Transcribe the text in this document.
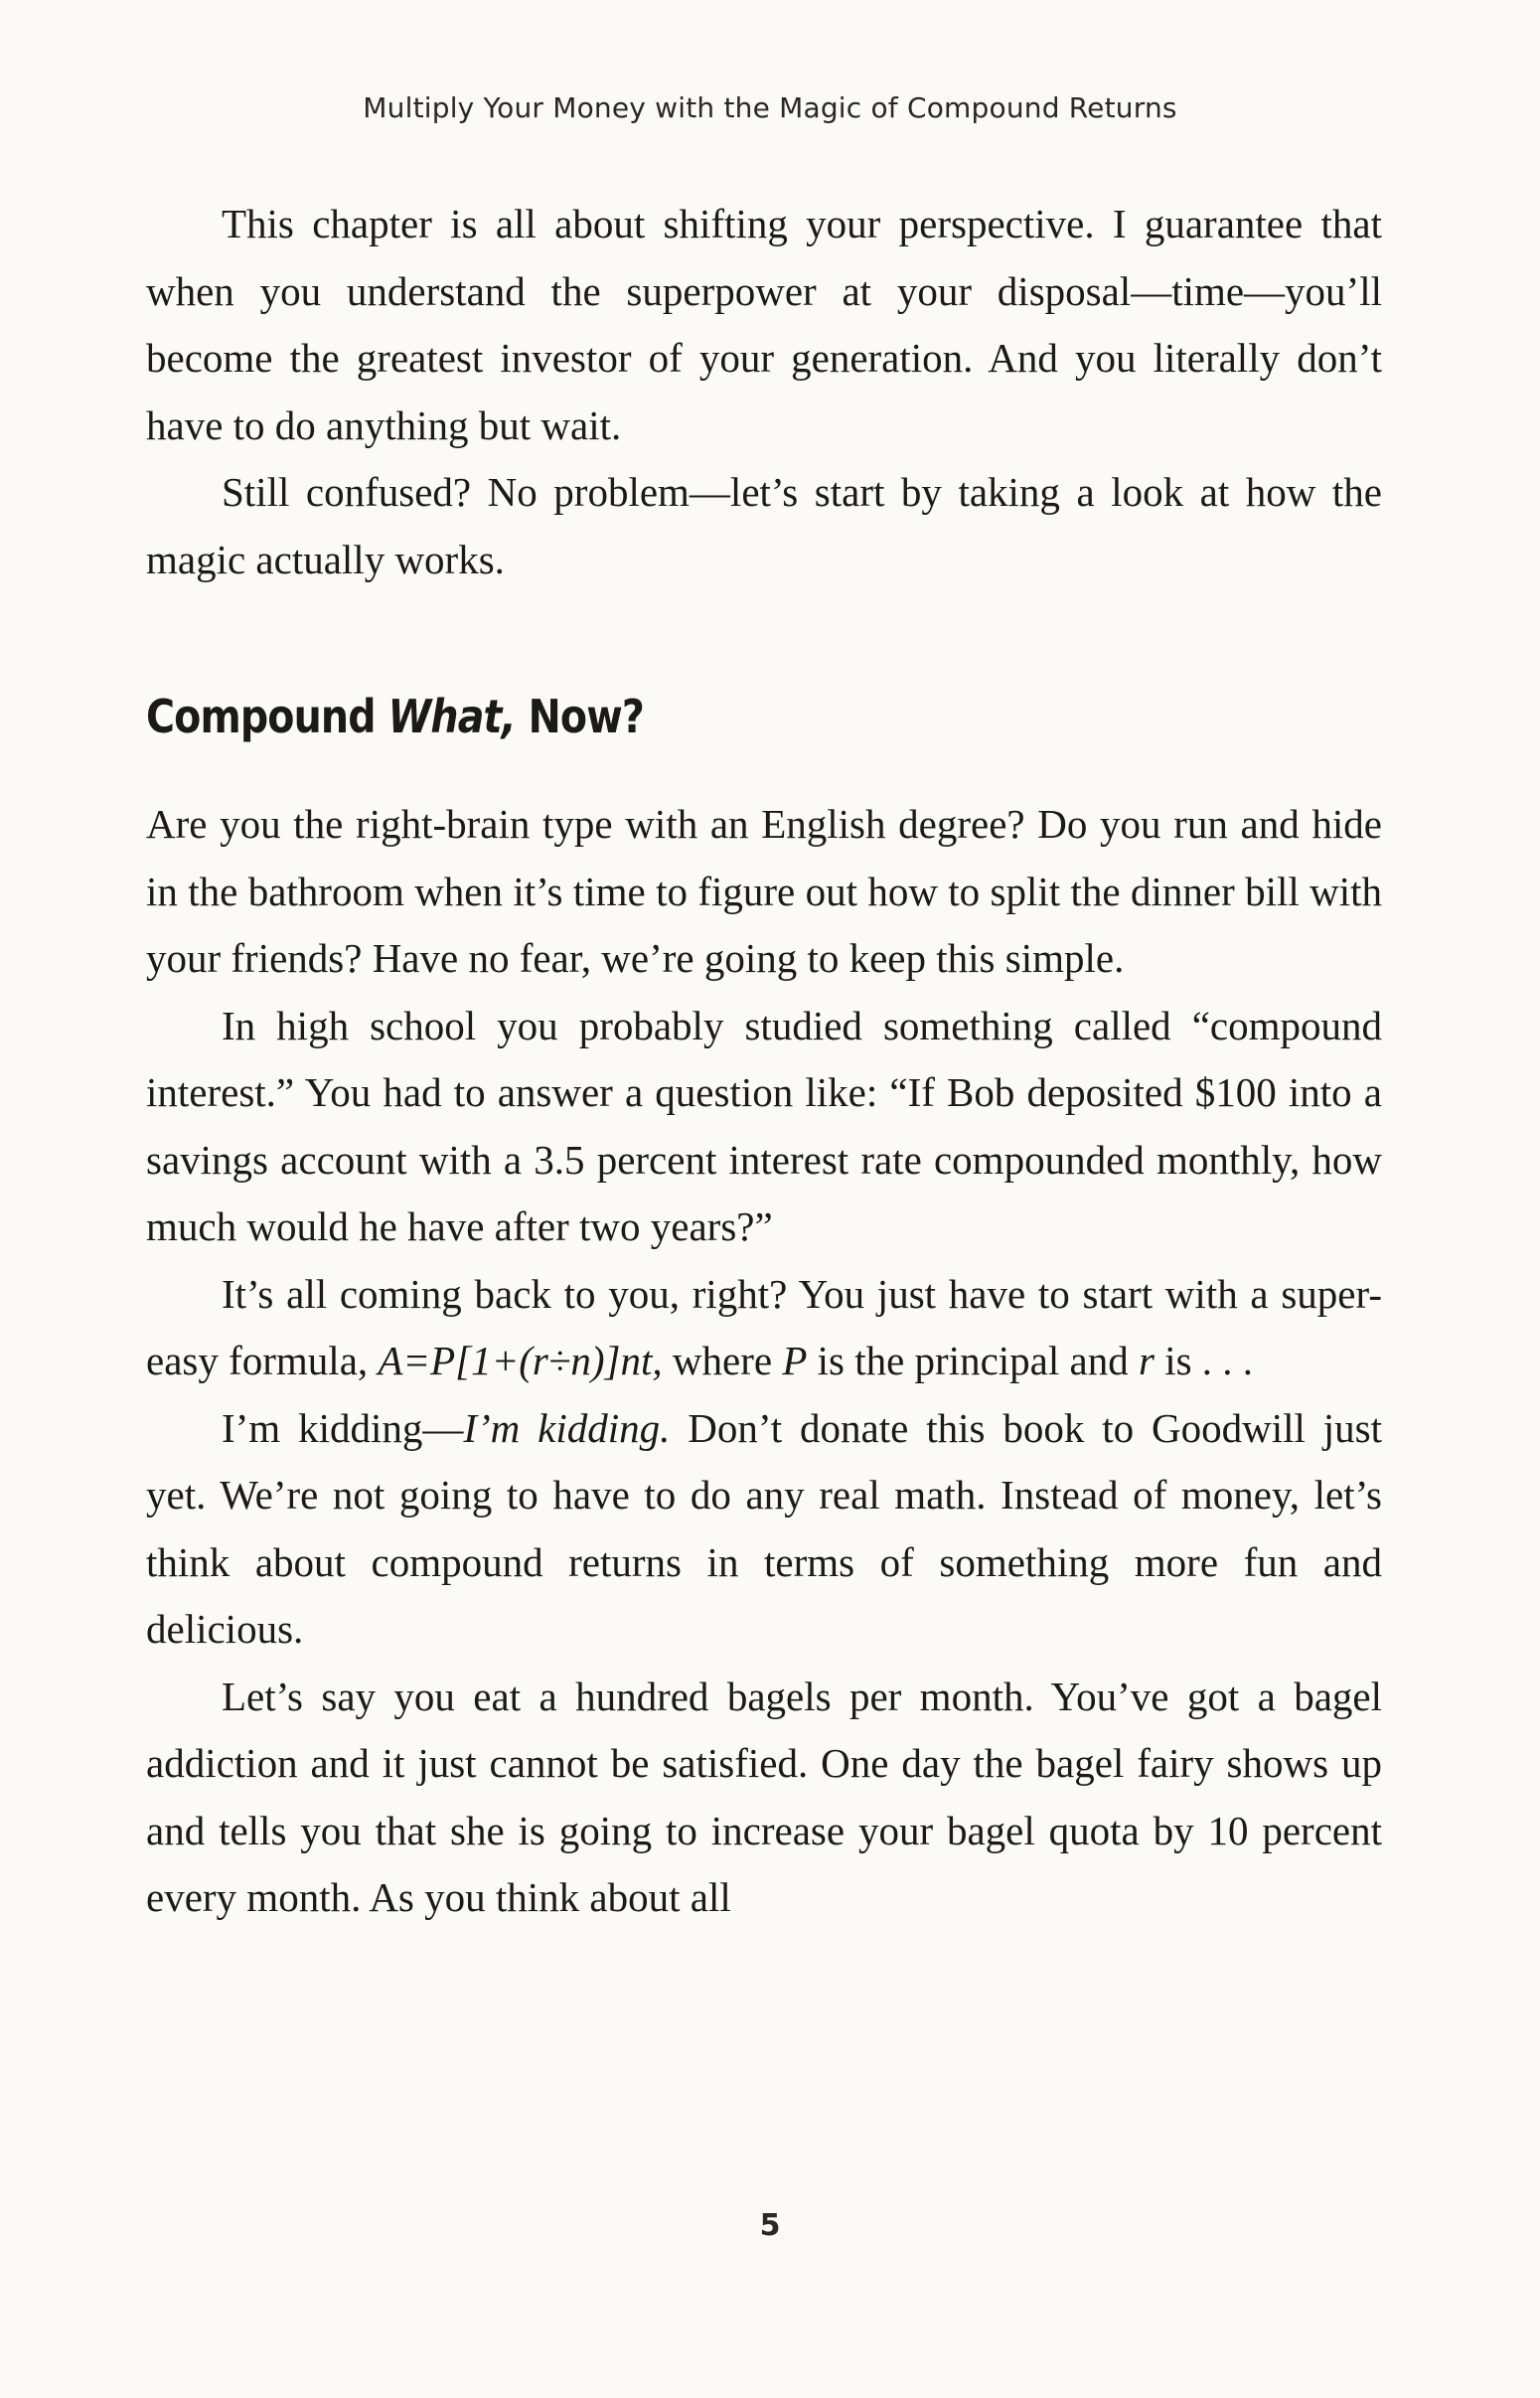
Multiply Your Money with the Magic of Compound Returns

This chapter is all about shifting your perspective. I guarantee that when you understand the superpower at your disposal—time—you’ll become the greatest investor of your generation. And you literally don’t have to do anything but wait.

Still confused? No problem—let’s start by taking a look at how the magic actually works.

Compound What, Now?

Are you the right-brain type with an English degree? Do you run and hide in the bathroom when it’s time to figure out how to split the dinner bill with your friends? Have no fear, we’re going to keep this simple.

In high school you probably studied something called “compound interest.” You had to answer a question like: “If Bob deposited $100 into a savings account with a 3.5 percent interest rate compounded monthly, how much would he have after two years?”

It’s all coming back to you, right? You just have to start with a super-easy formula, A=P[1+(r÷n)]nt, where P is the principal and r is . . .

I’m kidding—I’m kidding. Don’t donate this book to Goodwill just yet. We’re not going to have to do any real math. Instead of money, let’s think about compound returns in terms of something more fun and delicious.

Let’s say you eat a hundred bagels per month. You’ve got a bagel addiction and it just cannot be satisfied. One day the bagel fairy shows up and tells you that she is going to increase your bagel quota by 10 percent every month. As you think about all

5
